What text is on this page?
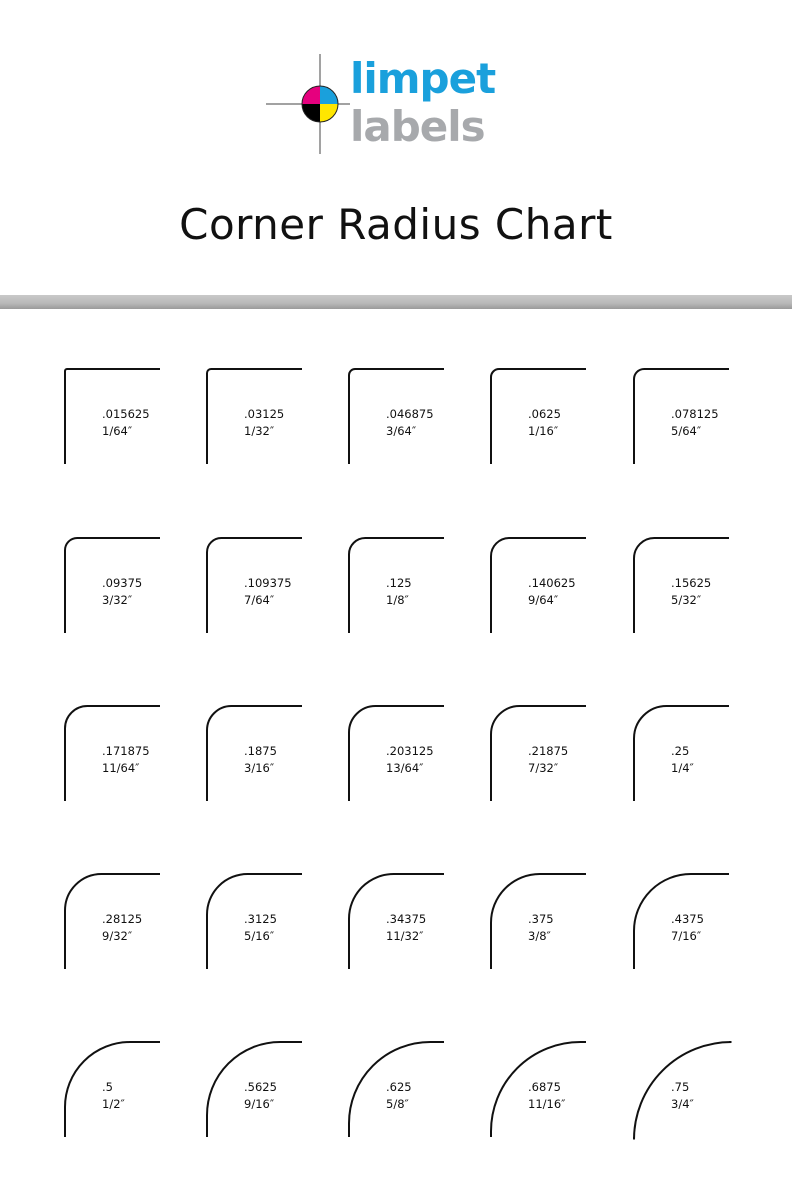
limpet
labels
Corner Radius Chart
.015625
1/64″
.03125
1/32″
.046875
3/64″
.0625
1/16″
.078125
5/64″
.09375
3/32″
.109375
7/64″
.125
1/8″
.140625
9/64″
.15625
5/32″
.171875
11/64″
.1875
3/16″
.203125
13/64″
.21875
7/32″
.25
1/4″
.28125
9/32″
.3125
5/16″
.34375
11/32″
.375
3/8″
.4375
7/16″
.5
1/2″
.5625
9/16″
.625
5/8″
.6875
11/16″
.75
3/4″
